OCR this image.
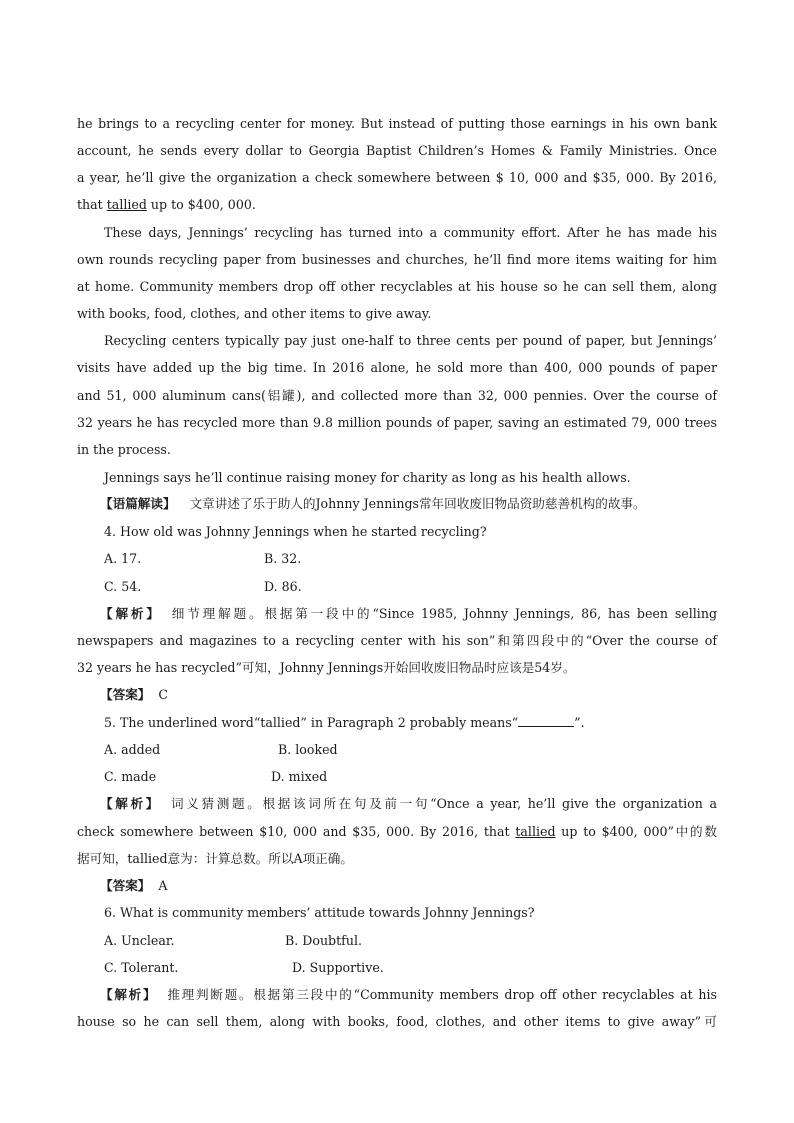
he brings to a recycling center for money. But instead of putting those earnings in his own bank
account, he sends every dollar to Georgia Baptist Children’s Homes & Family Ministries. Once
a year, he’ll give the organization a check somewhere between $ 10, 000 and $35, 000. By 2016,
that tallied up to $400, 000.
These days, Jennings’ recycling has turned into a community effort. After he has made his
own rounds recycling paper from businesses and churches, he’ll find more items waiting for him
at home. Community members drop off other recyclables at his house so he can sell them, along
with books, food, clothes, and other items to give away.
Recycling centers typically pay just one-half to three cents per pound of paper, but Jennings’
visits have added up the big time. In 2016 alone, he sold more than 400, 000 pounds of paper
and 51, 000 aluminum cans(铝罐), and collected more than 32, 000 pennies. Over the course of
32 years he has recycled more than 9.8 million pounds of paper, saving an estimated 79, 000 trees
in the process.
Jennings says he’ll continue raising money for charity as long as his health allows.
【语篇解读】 文章讲述了乐于助人的Johnny Jennings常年回收废旧物品资助慈善机构的故事。
4. How old was Johnny Jennings when he started recycling?
A. 17.	B. 32.
C. 54.	D. 86.
【解析】 细节理解题。根据第一段中的“Since 1985, Johnny Jennings, 86, has been selling
newspapers and magazines to a recycling center with his son”和第四段中的“Over the course of
32 years he has recycled”可知，Johnny Jennings开始回收废旧物品时应该是54岁。
【答案】 C
5. The underlined word“tallied” in Paragraph 2 probably means“	”.
A. added	B. looked
C. made	D. mixed
【解析】 词义猜测题。根据该词所在句及前一句“Once a year, he’ll give the organization a
check somewhere between $10, 000 and $35, 000. By 2016, that tallied up to $400, 000”中的数
据可知，tallied意为：计算总数。所以A项正确。
【答案】 A
6. What is community members’ attitude towards Johnny Jennings?
A. Unclear.	B. Doubtful.
C. Tolerant.	D. Supportive.
【解析】 推理判断题。根据第三段中的“Community members drop off other recyclables at his
house so he can sell them, along with books, food, clothes, and other items to give away”可
